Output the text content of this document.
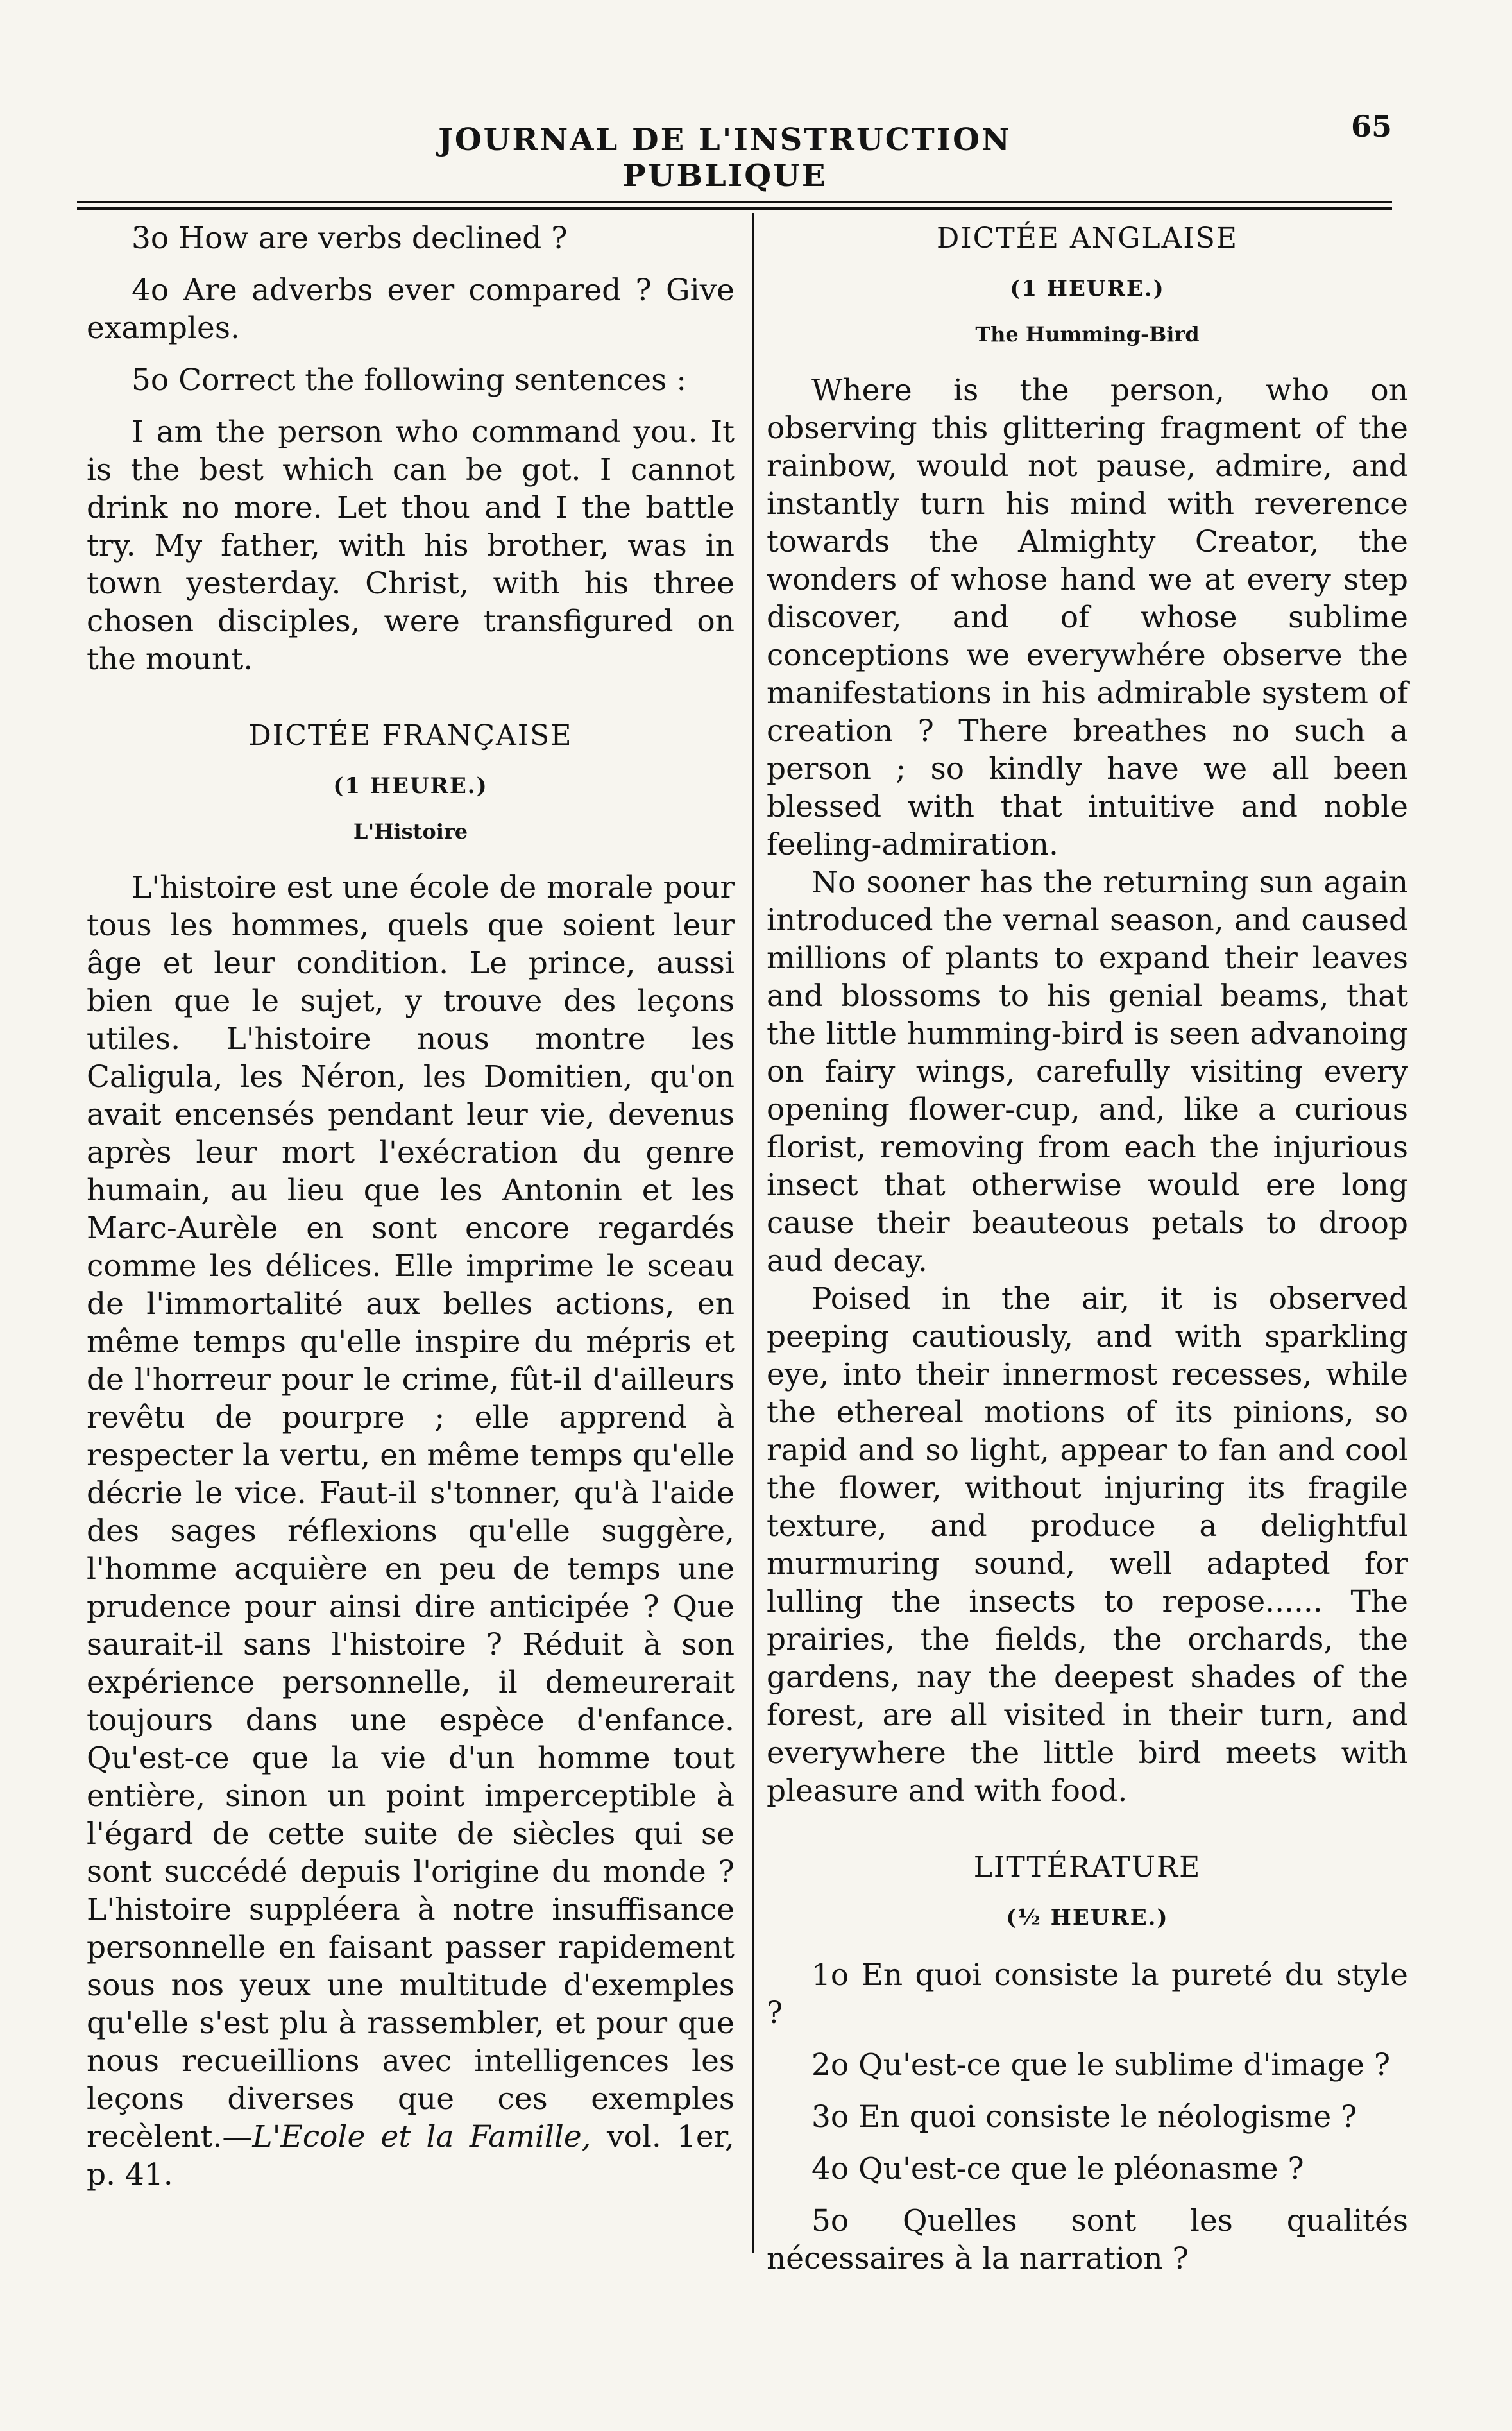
JOURNAL DE L'INSTRUCTION PUBLIQUE
65

3o How are verbs declined ?

4o Are adverbs ever compared ? Give examples.

5o Correct the following sentences :

I am the person who command you. It is the best which can be got. I cannot drink no more. Let thou and I the battle try. My father, with his brother, was in town yesterday. Christ, with his three chosen disciples, were transfigured on the mount.

DICTÉE FRANÇAISE
(1 HEURE.)
L'Histoire

L'histoire est une école de morale pour tous les hommes, quels que soient leur âge et leur condition. Le prince, aussi bien que le sujet, y trouve des leçons utiles. L'histoire nous montre les Caligula, les Néron, les Domitien, qu'on avait encensés pendant leur vie, devenus après leur mort l'exécration du genre humain, au lieu que les Antonin et les Marc-Aurèle en sont encore regardés comme les délices. Elle imprime le sceau de l'immortalité aux belles actions, en même temps qu'elle inspire du mépris et de l'horreur pour le crime, fût-il d'ailleurs revêtu de pourpre ; elle apprend à respecter la vertu, en même temps qu'elle décrie le vice. Faut-il s'tonner, qu'à l'aide des sages réflexions qu'elle suggère, l'homme acquière en peu de temps une prudence pour ainsi dire anticipée ? Que saurait-il sans l'histoire ? Réduit à son expérience personnelle, il demeurerait toujours dans une espèce d'enfance. Qu'est-ce que la vie d'un homme tout entière, sinon un point imperceptible à l'égard de cette suite de siècles qui se sont succédé depuis l'origine du monde ? L'histoire suppléera à notre insuffisance personnelle en faisant passer rapidement sous nos yeux une multitude d'exemples qu'elle s'est plu à rassembler, et pour que nous recueillions avec intelligences les leçons diverses que ces exemples recèlent.—L'Ecole et la Famille, vol. 1er, p. 41.

DICTÉE ANGLAISE
(1 HEURE.)
The Humming-Bird

Where is the person, who on observing this glittering fragment of the rainbow, would not pause, admire, and instantly turn his mind with reverence towards the Almighty Creator, the wonders of whose hand we at every step discover, and of whose sublime conceptions we everywhére observe the manifestations in his admirable system of creation ? There breathes no such a person ; so kindly have we all been blessed with that intuitive and noble feeling-admiration.

No sooner has the returning sun again introduced the vernal season, and caused millions of plants to expand their leaves and blossoms to his genial beams, that the little humming-bird is seen advanoing on fairy wings, carefully visiting every opening flower-cup, and, like a curious florist, removing from each the injurious insect that otherwise would ere long cause their beauteous petals to droop aud decay.

Poised in the air, it is observed peeping cautiously, and with sparkling eye, into their innermost recesses, while the ethereal motions of its pinions, so rapid and so light, appear to fan and cool the flower, without injuring its fragile texture, and produce a delightful murmuring sound, well adapted for lulling the insects to repose...... The prairies, the fields, the orchards, the gardens, nay the deepest shades of the forest, are all visited in their turn, and everywhere the little bird meets with pleasure and with food.

LITTÉRATURE
(½ HEURE.)

1o En quoi consiste la pureté du style ?

2o Qu'est-ce que le sublime d'image ?

3o En quoi consiste le néologisme ?

4o Qu'est-ce que le pléonasme ?

5o Quelles sont les qualités nécessaires à la narration ?
